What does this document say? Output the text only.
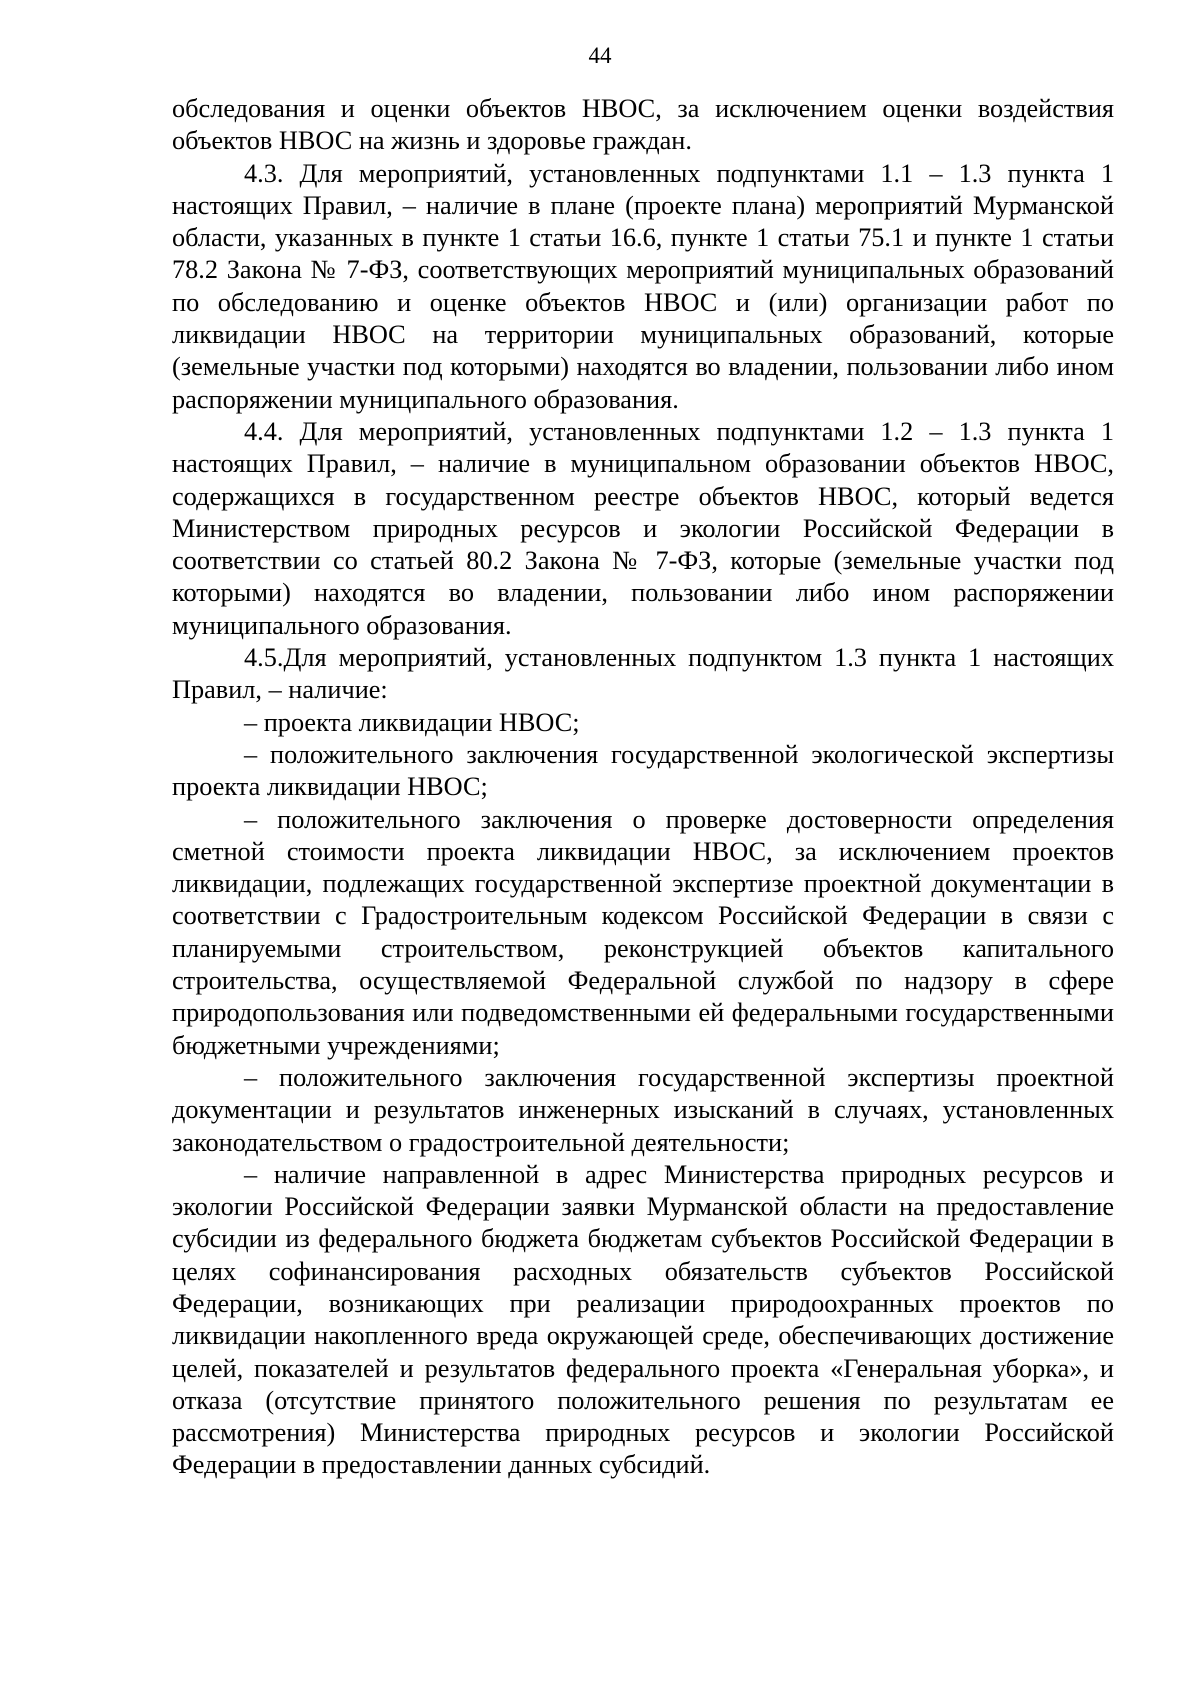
44

обследования и оценки объектов НВОС, за исключением оценки воздействия объектов НВОС на жизнь и здоровье граждан.

4.3. Для мероприятий, установленных подпунктами 1.1 – 1.3 пункта 1 настоящих Правил, – наличие в плане (проекте плана) мероприятий Мурманской области, указанных в пункте 1 статьи 16.6, пункте 1 статьи 75.1 и пункте 1 статьи 78.2 Закона № 7-ФЗ, соответствующих мероприятий муниципальных образований по обследованию и оценке объектов НВОС и (или) организации работ по ликвидации НВОС на территории муниципальных образований, которые (земельные участки под которыми) находятся во владении, пользовании либо ином распоряжении муниципального образования.

4.4. Для мероприятий, установленных подпунктами 1.2 – 1.3 пункта 1 настоящих Правил, – наличие в муниципальном образовании объектов НВОС, содержащихся в государственном реестре объектов НВОС, который ведется Министерством природных ресурсов и экологии Российской Федерации в соответствии со статьей 80.2 Закона № 7-ФЗ, которые (земельные участки под которыми) находятся во владении, пользовании либо ином распоряжении муниципального образования.

4.5.Для мероприятий, установленных подпунктом 1.3 пункта 1 настоящих Правил, – наличие:

– проекта ликвидации НВОС;

– положительного заключения государственной экологической экспертизы проекта ликвидации НВОС;

– положительного заключения о проверке достоверности определения сметной стоимости проекта ликвидации НВОС, за исключением проектов ликвидации, подлежащих государственной экспертизе проектной документации в соответствии с Градостроительным кодексом Российской Федерации в связи с планируемыми строительством, реконструкцией объектов капитального строительства, осуществляемой Федеральной службой по надзору в сфере природопользования или подведомственными ей федеральными государственными бюджетными учреждениями;

– положительного заключения государственной экспертизы проектной документации и результатов инженерных изысканий в случаях, установленных законодательством о градостроительной деятельности;

– наличие направленной в адрес Министерства природных ресурсов и экологии Российской Федерации заявки Мурманской области на предоставление субсидии из федерального бюджета бюджетам субъектов Российской Федерации в целях софинансирования расходных обязательств субъектов Российской Федерации, возникающих при реализации природоохранных проектов по ликвидации накопленного вреда окружающей среде, обеспечивающих достижение целей, показателей и результатов федерального проекта «Генеральная уборка», и отказа (отсутствие принятого положительного решения по результатам ее рассмотрения) Министерства природных ресурсов и экологии Российской Федерации в предоставлении данных субсидий.
